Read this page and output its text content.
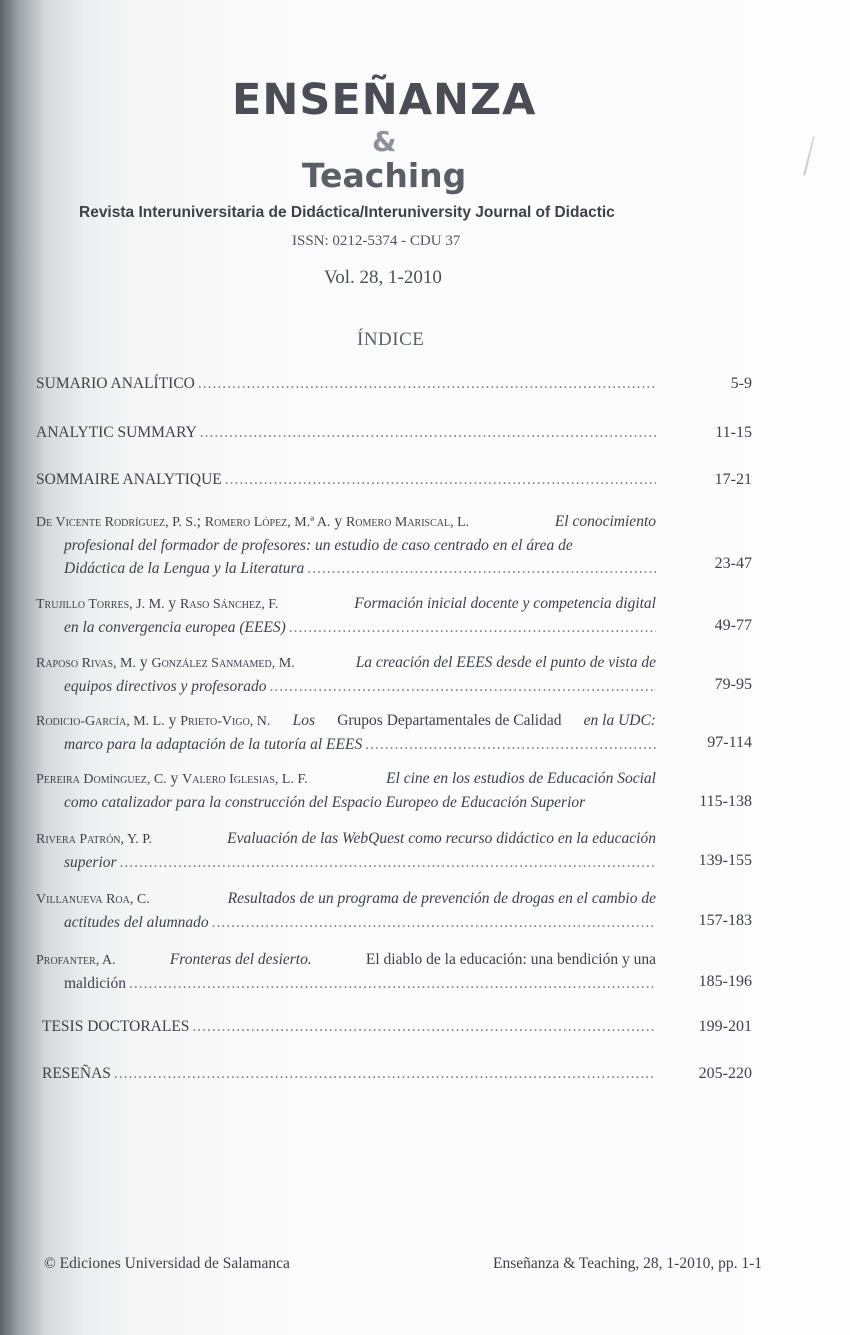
ENSEÑANZA
&
Teaching
Revista Interuniversitaria de Didáctica/Interuniversity Journal of Didactic
ISSN: 0212-5374 - CDU 37
Vol. 28, 1-2010
ÍNDICE
SUMARIO ANALÍTICO .....	5-9
ANALYTIC SUMMARY .....	11-15
SOMMAIRE ANALYTIQUE .....	17-21
De Vicente Rodríguez, P. S.; Romero López, M.ª A. y Romero Mariscal, L.	El conocimiento
profesional del formador de profesores: un estudio de caso centrado en el área de
Didáctica de la Lengua y la Literatura .....	23-47
Trujillo Torres, J. M. y Raso Sánchez, F.	Formación inicial docente y competencia digital
en la convergencia europea (EEES) .....	49-77
Raposo Rivas, M. y González Sanmamed, M.	La creación del EEES desde el punto de vista de
equipos directivos y profesorado .....	79-95
Rodicio-García, M. L. y Prieto-Vigo, N. Los Grupos Departamentales de Calidad en la UDC:
marco para la adaptación de la tutoría al EEES .....	97-114
Pereira Domínguez, C. y Valero Iglesias, L. F.	El cine en los estudios de Educación Social
como catalizador para la construcción del Espacio Europeo de Educación Superior	115-138
Rivera Patrón, Y. P.	Evaluación de las WebQuest como recurso didáctico en la educación
superior .....	139-155
Villanueva Roa, C.	Resultados de un programa de prevención de drogas en el cambio de
actitudes del alumnado .....	157-183
Profanter, A.	Fronteras del desierto.	El diablo de la educación: una bendición y una
maldición .....	185-196
TESIS DOCTORALES .....	199-201
RESEÑAS .....	205-220
© Ediciones Universidad de Salamanca	Enseñanza & Teaching, 28, 1-2010, pp. 1-1
